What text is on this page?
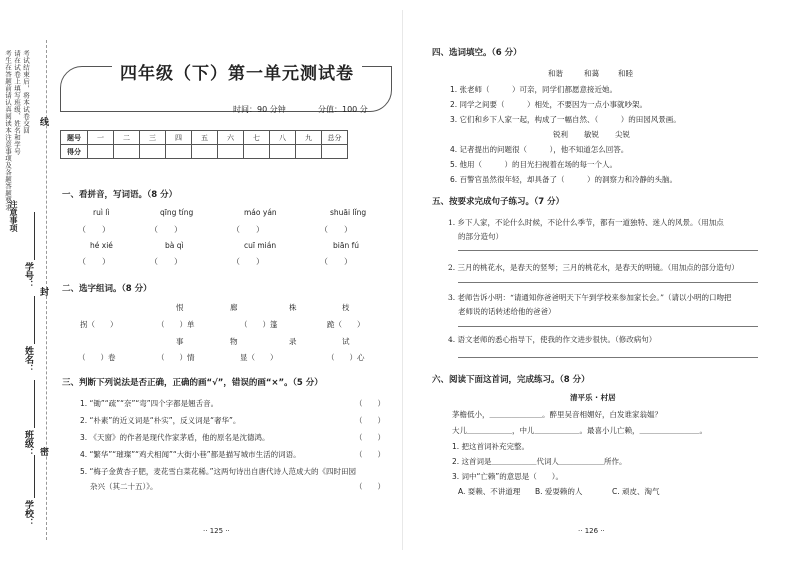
考生在答题前请认真阅读本注意事项及各题答题要求 请在试卷上填写班级、姓名和学号 考试结束后，将本试卷交回
注意事项
学号：
姓名：
班级：
学校：
线
封
密
四年级（下）第一单元测试卷
时间：90 分钟	分值：100 分
题号	一	二	三	四	五	六	七	八	九	总分
得分										
一、看拼音，写词语。（8 分）
ruì lì	qīng tíng	máo yán	shuāi lǐng
（　　）	（　　）	（　　）	（　　）
hé xié	bà qì	cuī mián	biān fú
（　　）	（　　）	（　　）	（　　）
二、选字组词。（8 分）
恨	廊	株	枝
拐（　　）	（　　）单	（　　）篷	跪（　　）
事	物	录	试
（　　）卷	（　　）情	显（　　）	（　　）心
三、判断下列说法是否正确，正确的画“√”，错误的画“×”。（5 分）
1. “锄”“疏”“奈”“弯”四个字都是翘舌音。	（　　）
2. “朴素”的近义词是“朴实”，反义词是“奢华”。	（　　）
3. 《天窗》的作者是现代作家茅盾，他的原名是沈德鸿。	（　　）
4. “繁华”“璀璨”“鸡犬相闻”“大街小巷”都是描写城市生活的词语。	（　　）
5. “梅子金黄杏子肥，麦花雪白菜花稀。”这两句诗出自唐代诗人范成大的《四时田园
杂兴（其二十五）》。	（　　）
·· 125 ··
四、选词填空。（6 分）
和谐	和蔼	和睦
1. 张老师（　　　）可亲，同学们都愿意接近她。
2. 同学之间要（　　　）相处，不要因为一点小事就吵架。
3. 它们和乡下人家一起，构成了一幅自然、（　　　）的田园风景画。
锐利 敏锐 尖锐
4. 记者提出的问题很（　　　），他不知道怎么回答。
5. 他用（　　　）的目光扫视着在场的每一个人。
6. 百警官虽然很年轻，却具备了（　　　）的洞察力和冷静的头脑。
五、按要求完成句子练习。（7 分）
1. 乡下人家，不论什么时候，不论什么季节，都有一道独特、迷人的风景。（用加点
的部分造句）
2. 三月的桃花水，是春天的竖琴；三月的桃花水，是春天的明镜。（用加点的部分造句）
3. 老师告诉小明：“请通知你爸爸明天下午到学校来参加家长会。”（请以小明的口吻把
老师说的话转述给他的爸爸）
4. 语文老师的悉心指导下，使我的作文进步很快。（修改病句）
六、阅读下面这首词，完成练习。（8 分）
清平乐 · 村居
茅檐低小，＿＿＿＿＿＿＿。醉里吴音相媚好，白发谁家翁媪？
大儿＿＿＿＿＿＿，中儿＿＿＿＿＿＿。最喜小儿亡赖，＿＿＿＿＿＿＿＿。
1. 把这首词补充完整。
2. 这首词是＿＿＿＿＿＿代词人＿＿＿＿＿＿所作。
3. 词中“亡赖”的意思是（　　）。
A. 耍赖、不讲道理 B. 爱耍赖的人	C. 顽皮、淘气
·· 126 ··
